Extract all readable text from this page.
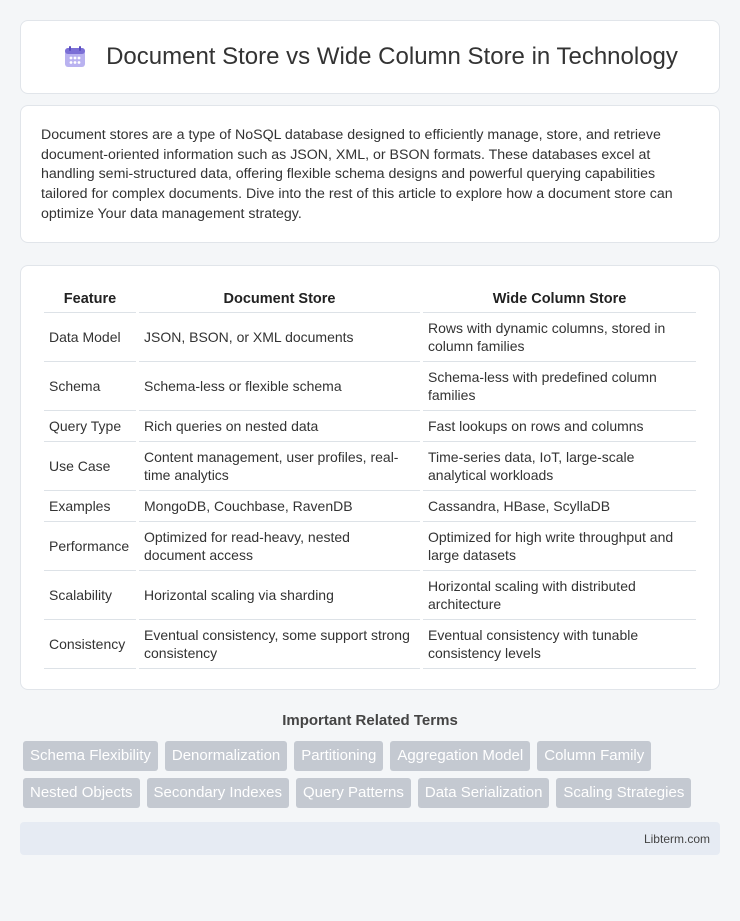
Document Store vs Wide Column Store in Technology

Document stores are a type of NoSQL database designed to efficiently manage, store, and retrieve document-oriented information such as JSON, XML, or BSON formats. These databases excel at handling semi-structured data, offering flexible schema designs and powerful querying capabilities tailored for complex documents. Dive into the rest of this article to explore how a document store can optimize Your data management strategy.

Feature	Document Store	Wide Column Store
Data Model	JSON, BSON, or XML documents	Rows with dynamic columns, stored in column families
Schema	Schema-less or flexible schema	Schema-less with predefined column families
Query Type	Rich queries on nested data	Fast lookups on rows and columns
Use Case	Content management, user profiles, real-time analytics	Time-series data, IoT, large-scale analytical workloads
Examples	MongoDB, Couchbase, RavenDB	Cassandra, HBase, ScyllaDB
Performance	Optimized for read-heavy, nested document access	Optimized for high write throughput and large datasets
Scalability	Horizontal scaling via sharding	Horizontal scaling with distributed architecture
Consistency	Eventual consistency, some support strong consistency	Eventual consistency with tunable consistency levels
Important Related Terms
Schema Flexibility	Denormalization	Partitioning	Aggregation Model	Column Family
Nested Objects	Secondary Indexes	Query Patterns	Data Serialization	Scaling Strategies
Libterm.com
